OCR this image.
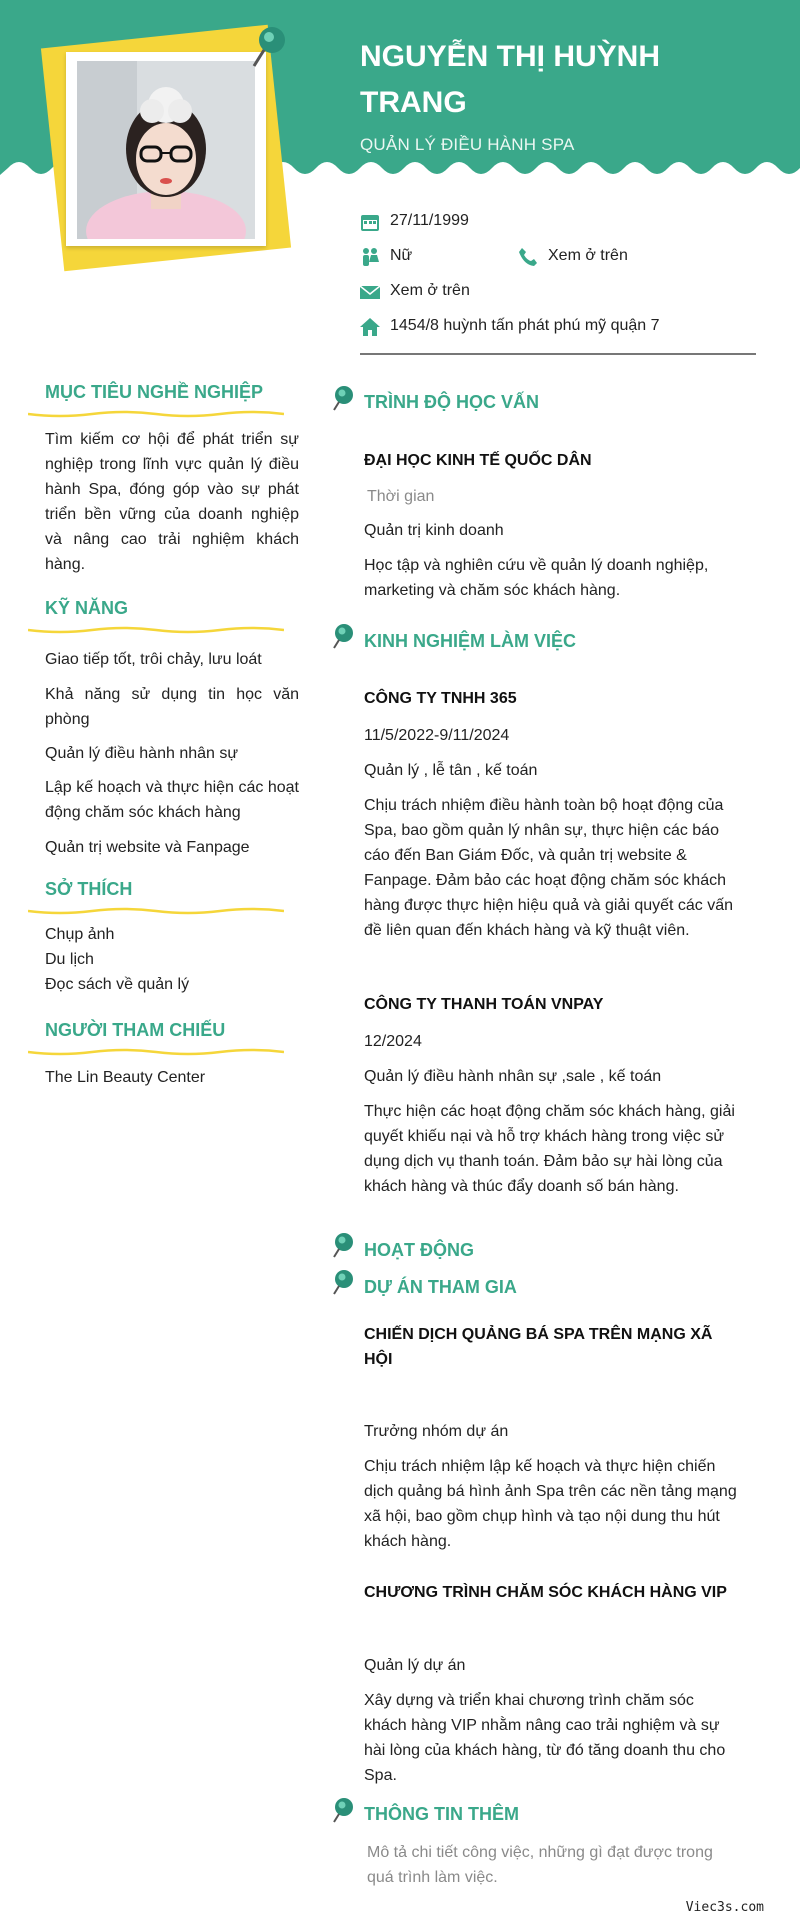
NGUYỄN THỊ HUỲNH TRANG
QUẢN LÝ ĐIỀU HÀNH SPA
27/11/1999
Nữ	Xem ở trên
Xem ở trên
1454/8 huỳnh tấn phát phú mỹ quận 7
MỤC TIÊU NGHỀ NGHIỆP
Tìm kiếm cơ hội để phát triển sự nghiệp trong lĩnh vực quản lý điều hành Spa, đóng góp vào sự phát triển bền vững của doanh nghiệp và nâng cao trải nghiệm khách hàng.
KỸ NĂNG
Giao tiếp tốt, trôi chảy, lưu loát
Khả năng sử dụng tin học văn phòng
Quản lý điều hành nhân sự
Lập kế hoạch và thực hiện các hoạt động chăm sóc khách hàng
Quản trị website và Fanpage
SỞ THÍCH
Chụp ảnh
Du lịch
Đọc sách về quản lý
NGƯỜI THAM CHIẾU
The Lin Beauty Center
TRÌNH ĐỘ HỌC VẤN
ĐẠI HỌC KINH TẾ QUỐC DÂN
Thời gian
Quản trị kinh doanh
Học tập và nghiên cứu về quản lý doanh nghiệp, marketing và chăm sóc khách hàng.
KINH NGHIỆM LÀM VIỆC
CÔNG TY TNHH 365
11/5/2022-9/11/2024
Quản lý , lễ tân , kế toán
Chịu trách nhiệm điều hành toàn bộ hoạt động của Spa, bao gồm quản lý nhân sự, thực hiện các báo cáo đến Ban Giám Đốc, và quản trị website & Fanpage. Đảm bảo các hoạt động chăm sóc khách hàng được thực hiện hiệu quả và giải quyết các vấn đề liên quan đến khách hàng và kỹ thuật viên.
CÔNG TY THANH TOÁN VNPAY
12/2024
Quản lý điều hành nhân sự ,sale , kế toán
Thực hiện các hoạt động chăm sóc khách hàng, giải quyết khiếu nại và hỗ trợ khách hàng trong việc sử dụng dịch vụ thanh toán. Đảm bảo sự hài lòng của khách hàng và thúc đẩy doanh số bán hàng.
HOẠT ĐỘNG
DỰ ÁN THAM GIA
CHIẾN DỊCH QUẢNG BÁ SPA TRÊN MẠNG XÃ HỘI
Trưởng nhóm dự án
Chịu trách nhiệm lập kế hoạch và thực hiện chiến dịch quảng bá hình ảnh Spa trên các nền tảng mạng xã hội, bao gồm chụp hình và tạo nội dung thu hút khách hàng.
CHƯƠNG TRÌNH CHĂM SÓC KHÁCH HÀNG VIP
Quản lý dự án
Xây dựng và triển khai chương trình chăm sóc khách hàng VIP nhằm nâng cao trải nghiệm và sự hài lòng của khách hàng, từ đó tăng doanh thu cho Spa.
THÔNG TIN THÊM
Mô tả chi tiết công việc, những gì đạt được trong quá trình làm việc.
Viec3s.com
